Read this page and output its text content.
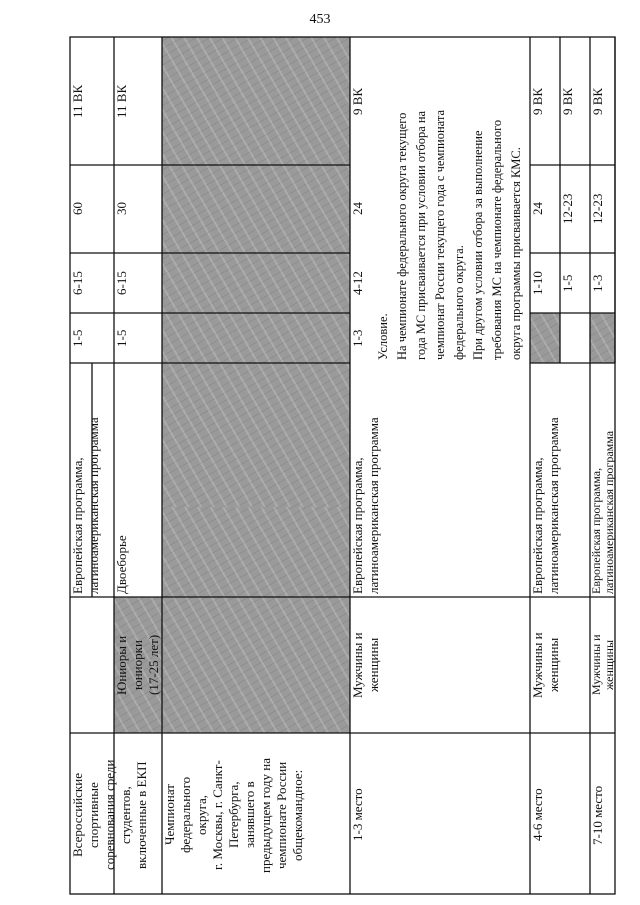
453
Всероссийские
спортивные
соревнования среди
студентов,
включенные в ЕКП
Юниоры и
юниорки
(17-25 лет)
Европейская программа,
латиноамериканская программа
Двоеборье
1-5
6-15
60
11 ВК
1-5
6-15
30
11 ВК
Чемпионат
федерального
округа,
г. Москвы, г. Санкт-
Петербурга,
занявшего в
предыдущем году на
чемпионате России
общекомандное:
1-3
4-12
24
9 ВК
1-3 место
Мужчины и
женщины
Европейская программа,
латиноамериканская программа
Условие.
На чемпионате федерального округа текущего
года МС присваивается при условии отбора на
чемпионат России текущего года с чемпионата
федерального округа.
При другом условии отбора за выполнение
требования МС на чемпионате федерального
округа программы присваивается КМС.
4-6 место
Мужчины и
женщины
Европейская программа,
латиноамериканская программа
1-10
24
9 ВК
1-5
12-23
9 ВК
7-10 место
Мужчины и
женщины
Европейская программа,
латиноамериканская программа
1-3
12-23
9 ВК
